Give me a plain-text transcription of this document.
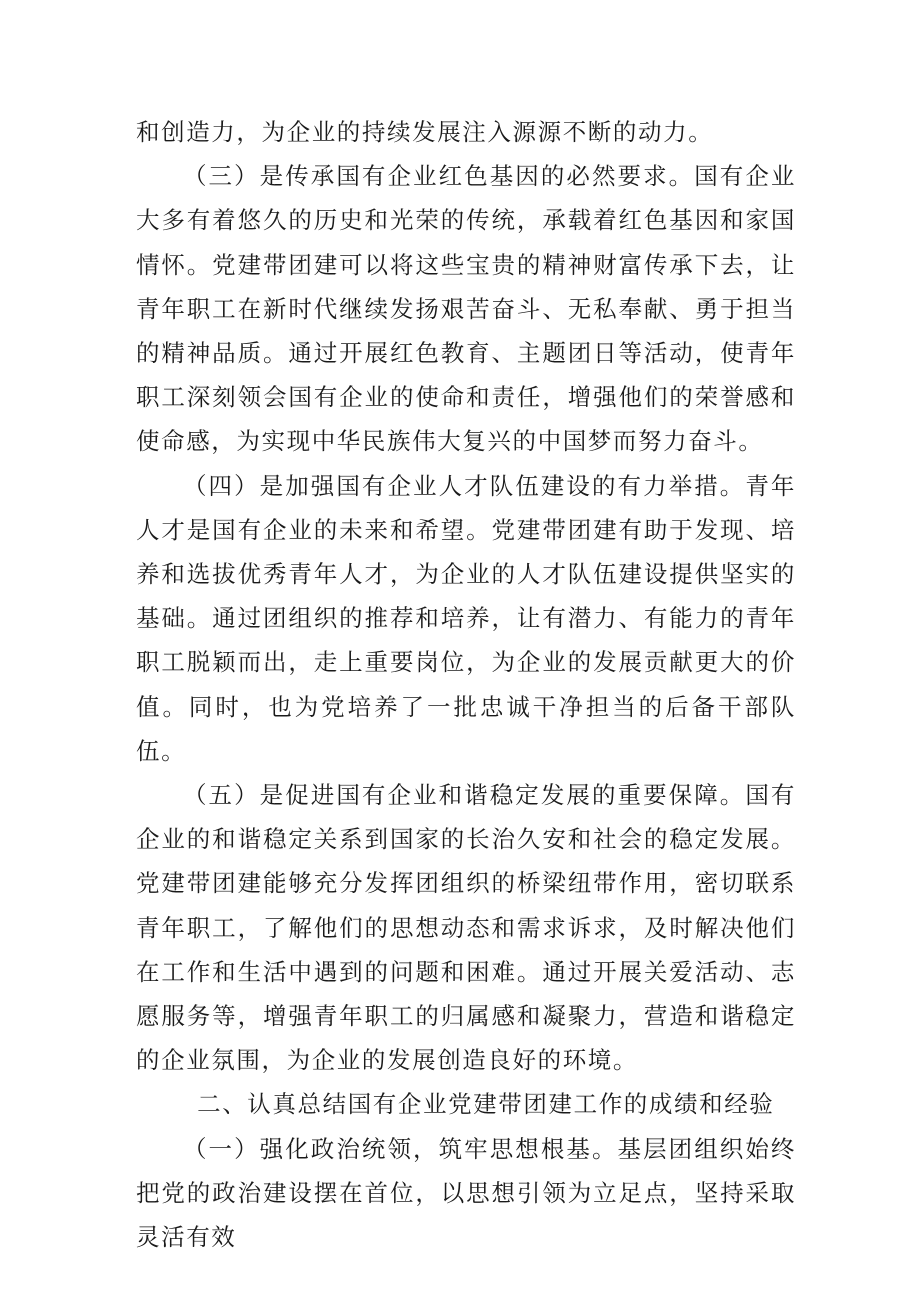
和创造力，为企业的持续发展注入源源不断的动力。

（三）是传承国有企业红色基因的必然要求。国有企业大多有着悠久的历史和光荣的传统，承载着红色基因和家国情怀。党建带团建可以将这些宝贵的精神财富传承下去，让青年职工在新时代继续发扬艰苦奋斗、无私奉献、勇于担当的精神品质。通过开展红色教育、主题团日等活动，使青年职工深刻领会国有企业的使命和责任，增强他们的荣誉感和使命感，为实现中华民族伟大复兴的中国梦而努力奋斗。

（四）是加强国有企业人才队伍建设的有力举措。青年人才是国有企业的未来和希望。党建带团建有助于发现、培养和选拔优秀青年人才，为企业的人才队伍建设提供坚实的基础。通过团组织的推荐和培养，让有潜力、有能力的青年职工脱颖而出，走上重要岗位，为企业的发展贡献更大的价值。同时，也为党培养了一批忠诚干净担当的后备干部队伍。

（五）是促进国有企业和谐稳定发展的重要保障。国有企业的和谐稳定关系到国家的长治久安和社会的稳定发展。党建带团建能够充分发挥团组织的桥梁纽带作用，密切联系青年职工，了解他们的思想动态和需求诉求，及时解决他们在工作和生活中遇到的问题和困难。通过开展关爱活动、志愿服务等，增强青年职工的归属感和凝聚力，营造和谐稳定的企业氛围，为企业的发展创造良好的环境。

二、认真总结国有企业党建带团建工作的成绩和经验

（一）强化政治统领，筑牢思想根基。基层团组织始终把党的政治建设摆在首位，以思想引领为立足点，坚持采取灵活有效
